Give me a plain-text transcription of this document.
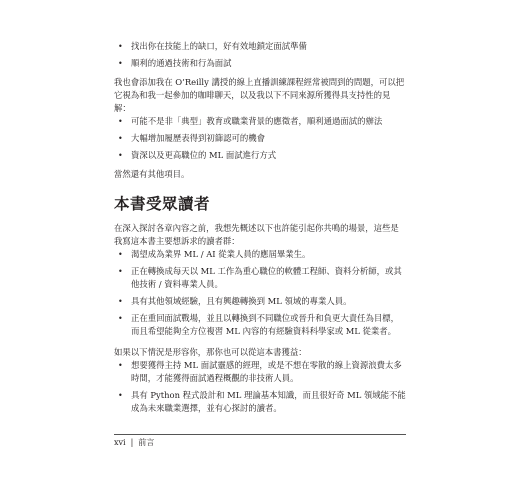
• 找出你在技能上的缺口，好有效地鎖定面試準備
• 順利的通過技術和行為面試

我也會添加我在 O’Reilly 講授的線上直播訓練課程經常被問到的問題，可以把它視為和我一起參加的咖啡聊天，以及我以下不同來源所獲得具支持性的見解：

• 可能不是非「典型」教育或職業背景的應徵者，順利通過面試的辦法
• 大幅增加履歷表得到初篩認可的機會
• 資深以及更高職位的 ML 面試進行方式

當然還有其他項目。

本書受眾讀者

在深入探討各章內容之前，我想先概述以下也許能引起你共鳴的場景，這些是我寫這本書主要想訴求的讀者群：

• 渴望成為業界 ML / AI 從業人員的應屆畢業生。
• 正在轉換成每天以 ML 工作為重心職位的軟體工程師、資料分析師，或其他技術 / 資料專業人員。
• 具有其他領域經驗，且有興趣轉換到 ML 領域的專業人員。
• 正在重回面試戰場，並且以轉換到不同職位或晉升和負更大責任為目標，而且希望能夠全方位複習 ML 內容的有經驗資料科學家或 ML 從業者。

如果以下情況是形容你，那你也可以從這本書獲益：

• 想要獲得主持 ML 面試靈感的經理，或是不想在零散的線上資源浪費太多時間，才能獲得面試過程概觀的非技術人員。
• 具有 Python 程式設計和 ML 理論基本知識，而且很好奇 ML 領域能不能成為未來職業選擇，並有心探討的讀者。
xvi | 前言
